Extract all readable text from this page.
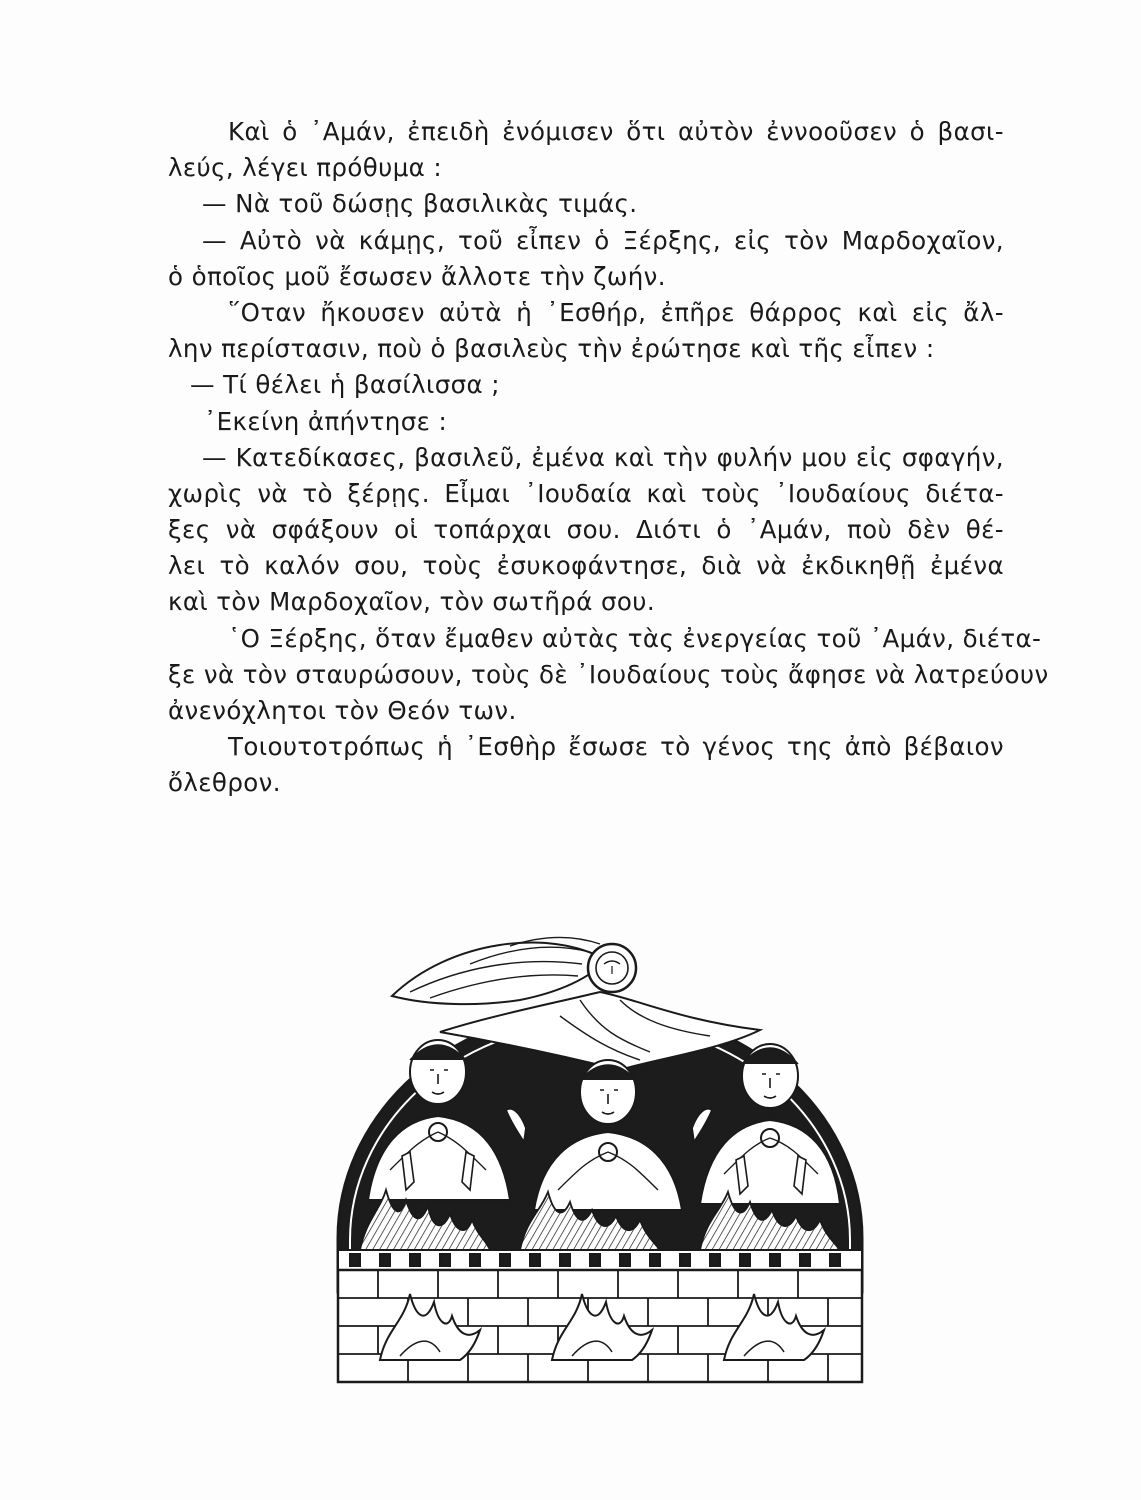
Καὶ ὁ ᾿Αμάν, ἐπειδὴ ἐνόμισεν ὅτι αὐτὸν ἐννοοῦσεν ὁ βασι-
λεύς, λέγει πρόθυμα :
— Νὰ τοῦ δώσῃς βασιλικὰς τιμάς.
— Αὐτὸ νὰ κάμῃς, τοῦ εἶπεν ὁ Ξέρξης, εἰς τὸν Μαρδοχαῖον,
ὁ ὁποῖος μοῦ ἔσωσεν ἄλλοτε τὴν ζωήν.
῞Οταν ἤκουσεν αὐτὰ ἡ ᾿Εσθήρ, ἐπῆρε θάρρος καὶ εἰς ἄλ-
λην περίστασιν, ποὺ ὁ βασιλεὺς τὴν ἐρώτησε καὶ τῆς εἶπεν :
— Τί θέλει ἡ βασίλισσα ;
᾿Εκείνη ἀπήντησε :
— Κατεδίκασες, βασιλεῦ, ἐμένα καὶ τὴν φυλήν μου εἰς σφαγήν,
χωρὶς νὰ τὸ ξέρῃς. Εἶμαι ᾿Ιουδαία καὶ τοὺς ᾿Ιουδαίους διέτα-
ξες νὰ σφάξουν οἱ τοπάρχαι σου. Διότι ὁ ᾿Αμάν, ποὺ δὲν θέ-
λει τὸ καλόν σου, τοὺς ἐσυκοφάντησε, διὰ νὰ ἐκδικηθῇ ἐμένα
καὶ τὸν Μαρδοχαῖον, τὸν σωτῆρά σου.
῾Ο Ξέρξης, ὅταν ἔμαθεν αὐτὰς τὰς ἐνεργείας τοῦ ᾿Αμάν, διέτα-
ξε νὰ τὸν σταυρώσουν, τοὺς δὲ ᾿Ιουδαίους τοὺς ἄφησε νὰ λατρεύουν
ἀνενόχλητοι τὸν Θεόν των.
Τοιουτοτρόπως ἡ ᾿Εσθὴρ ἔσωσε τὸ γένος της ἀπὸ βέβαιον
ὄλεθρον.
